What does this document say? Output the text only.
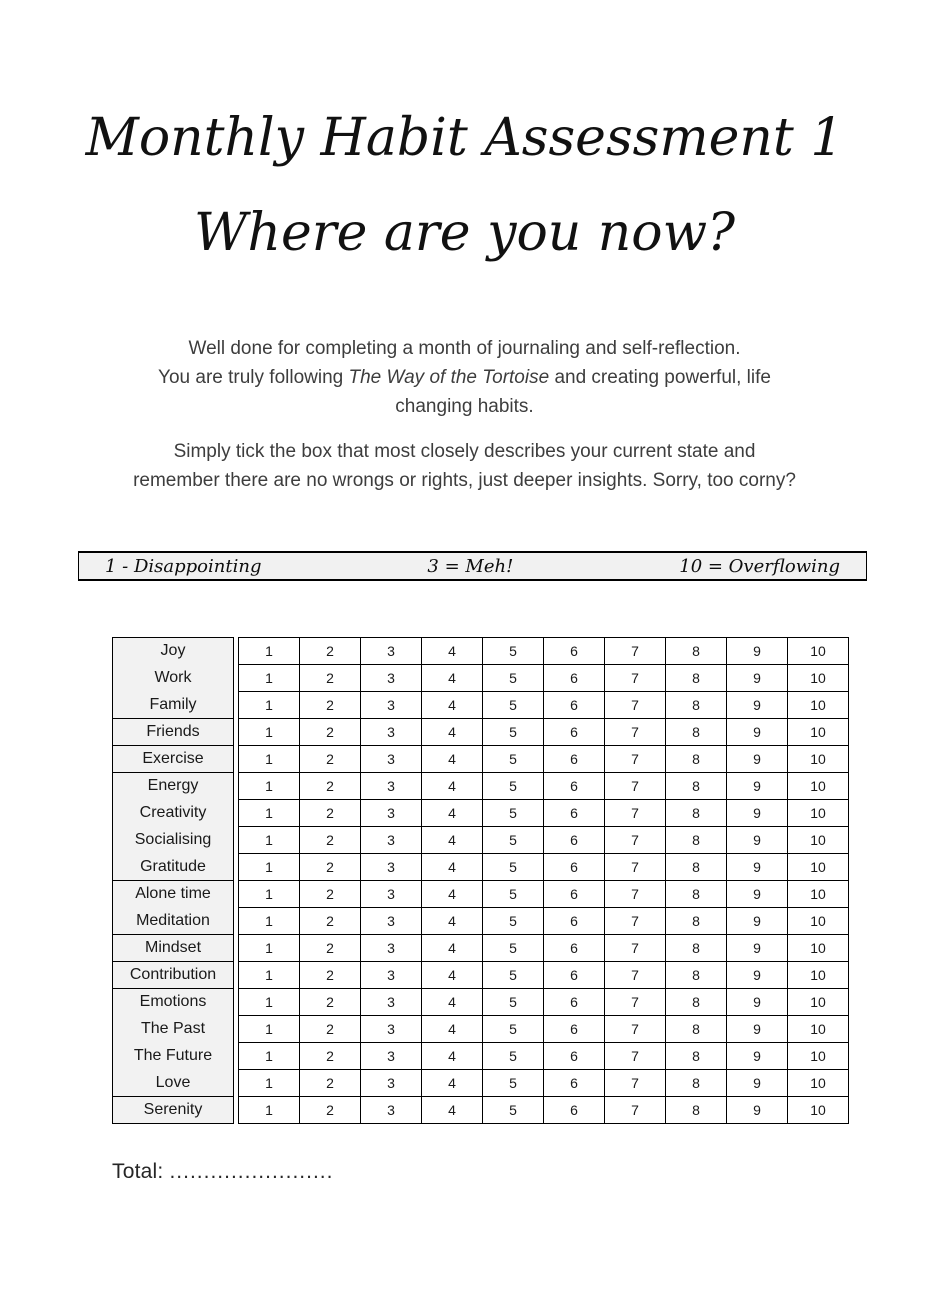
Monthly Habit Assessment 1
Where are you now?
Well done for completing a month of journaling and self-reflection.
You are truly following The Way of the Tortoise and creating powerful, life
changing habits.
Simply tick the box that most closely describes your current state and
remember there are no wrongs or rights, just deeper insights. Sorry, too corny?
1 - Disappointing	3 = Meh!	10 = Overflowing
Joy		1	2	3	4	5	6	7	8	9	10
Work		1	2	3	4	5	6	7	8	9	10
Family		1	2	3	4	5	6	7	8	9	10
Friends		1	2	3	4	5	6	7	8	9	10
Exercise		1	2	3	4	5	6	7	8	9	10
Energy		1	2	3	4	5	6	7	8	9	10
Creativity		1	2	3	4	5	6	7	8	9	10
Socialising		1	2	3	4	5	6	7	8	9	10
Gratitude		1	2	3	4	5	6	7	8	9	10
Alone time		1	2	3	4	5	6	7	8	9	10
Meditation		1	2	3	4	5	6	7	8	9	10
Mindset		1	2	3	4	5	6	7	8	9	10
Contribution		1	2	3	4	5	6	7	8	9	10
Emotions		1	2	3	4	5	6	7	8	9	10
The Past		1	2	3	4	5	6	7	8	9	10
The Future		1	2	3	4	5	6	7	8	9	10
Love		1	2	3	4	5	6	7	8	9	10
Serenity		1	2	3	4	5	6	7	8	9	10
Total: ........................
